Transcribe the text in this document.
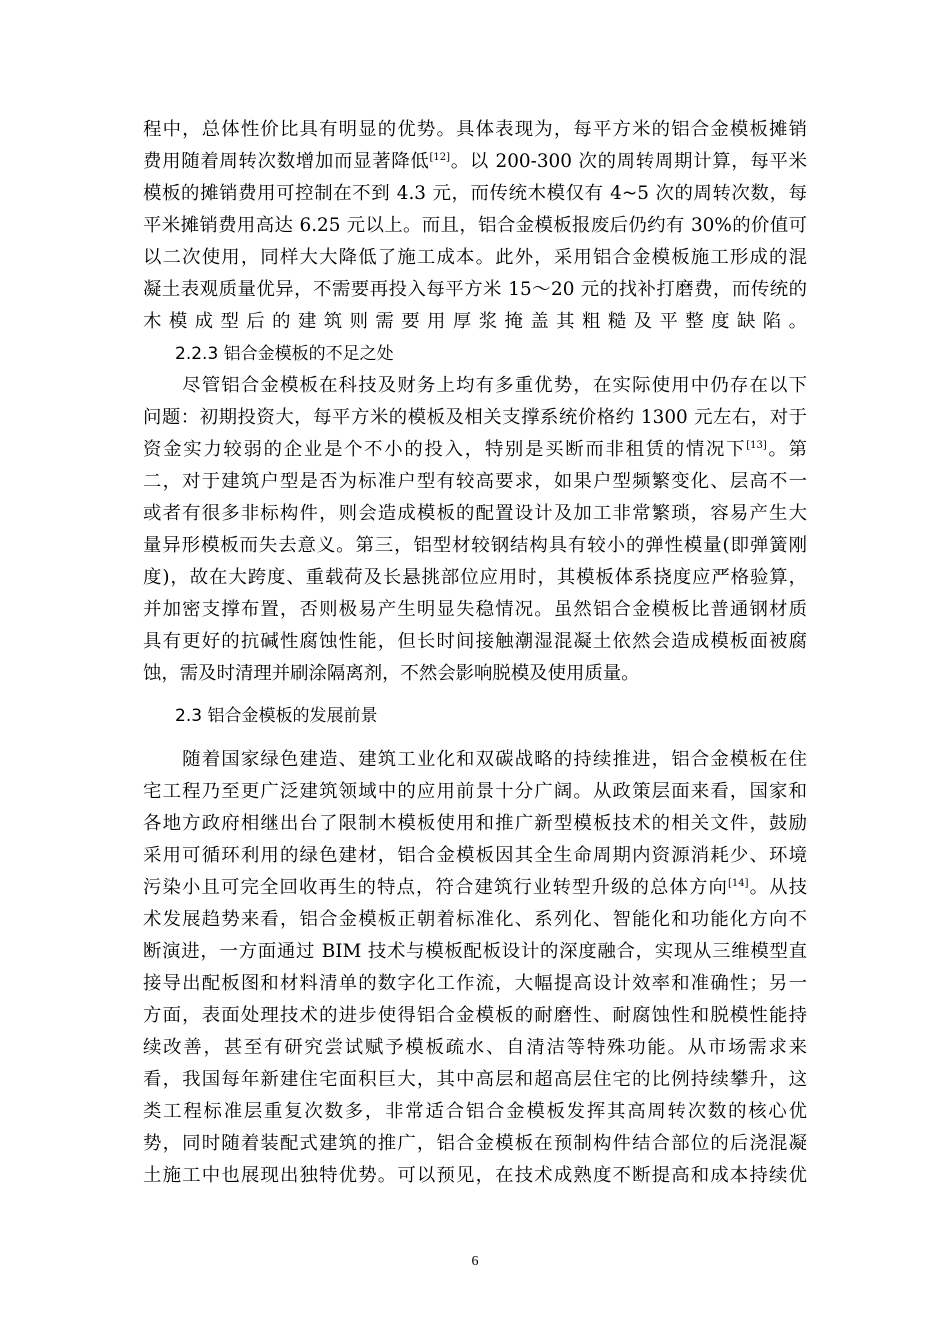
程中，总体性价比具有明显的优势。具体表现为，每平方米的铝合金模板摊销
费用随着周转次数增加而显著降低[12]。以 200-300 次的周转周期计算，每平米
模板的摊销费用可控制在不到 4.3 元，而传统木模仅有 4~5 次的周转次数，每
平米摊销费用高达 6.25 元以上。而且，铝合金模板报废后仍约有 30%的价值可
以二次使用，同样大大降低了施工成本。此外，采用铝合金模板施工形成的混
凝土表观质量优异，不需要再投入每平方米 15～20 元的找补打磨费，而传统的
木模成型后的建筑则需要用厚浆掩盖其粗糙及平整度缺陷。
2.2.3 铝合金模板的不足之处
　　尽管铝合金模板在科技及财务上均有多重优势，在实际使用中仍存在以下
问题：初期投资大，每平方米的模板及相关支撑系统价格约 1300 元左右，对于
资金实力较弱的企业是个不小的投入，特别是买断而非租赁的情况下[13]。第
二，对于建筑户型是否为标准户型有较高要求，如果户型频繁变化、层高不一
或者有很多非标构件，则会造成模板的配置设计及加工非常繁琐，容易产生大
量异形模板而失去意义。第三，铝型材较钢结构具有较小的弹性模量(即弹簧刚
度)，故在大跨度、重载荷及长悬挑部位应用时，其模板体系挠度应严格验算，
并加密支撑布置，否则极易产生明显失稳情况。虽然铝合金模板比普通钢材质
具有更好的抗碱性腐蚀性能，但长时间接触潮湿混凝土依然会造成模板面被腐
蚀，需及时清理并刷涂隔离剂，不然会影响脱模及使用质量。
2.3 铝合金模板的发展前景
　　随着国家绿色建造、建筑工业化和双碳战略的持续推进，铝合金模板在住
宅工程乃至更广泛建筑领域中的应用前景十分广阔。从政策层面来看，国家和
各地方政府相继出台了限制木模板使用和推广新型模板技术的相关文件，鼓励
采用可循环利用的绿色建材，铝合金模板因其全生命周期内资源消耗少、环境
污染小且可完全回收再生的特点，符合建筑行业转型升级的总体方向[14]。从技
术发展趋势来看，铝合金模板正朝着标准化、系列化、智能化和功能化方向不
断演进，一方面通过 BIM 技术与模板配板设计的深度融合，实现从三维模型直
接导出配板图和材料清单的数字化工作流，大幅提高设计效率和准确性；另一
方面，表面处理技术的进步使得铝合金模板的耐磨性、耐腐蚀性和脱模性能持
续改善，甚至有研究尝试赋予模板疏水、自清洁等特殊功能。从市场需求来
看，我国每年新建住宅面积巨大，其中高层和超高层住宅的比例持续攀升，这
类工程标准层重复次数多，非常适合铝合金模板发挥其高周转次数的核心优
势，同时随着装配式建筑的推广，铝合金模板在预制构件结合部位的后浇混凝
土施工中也展现出独特优势。可以预见，在技术成熟度不断提高和成本持续优
6
